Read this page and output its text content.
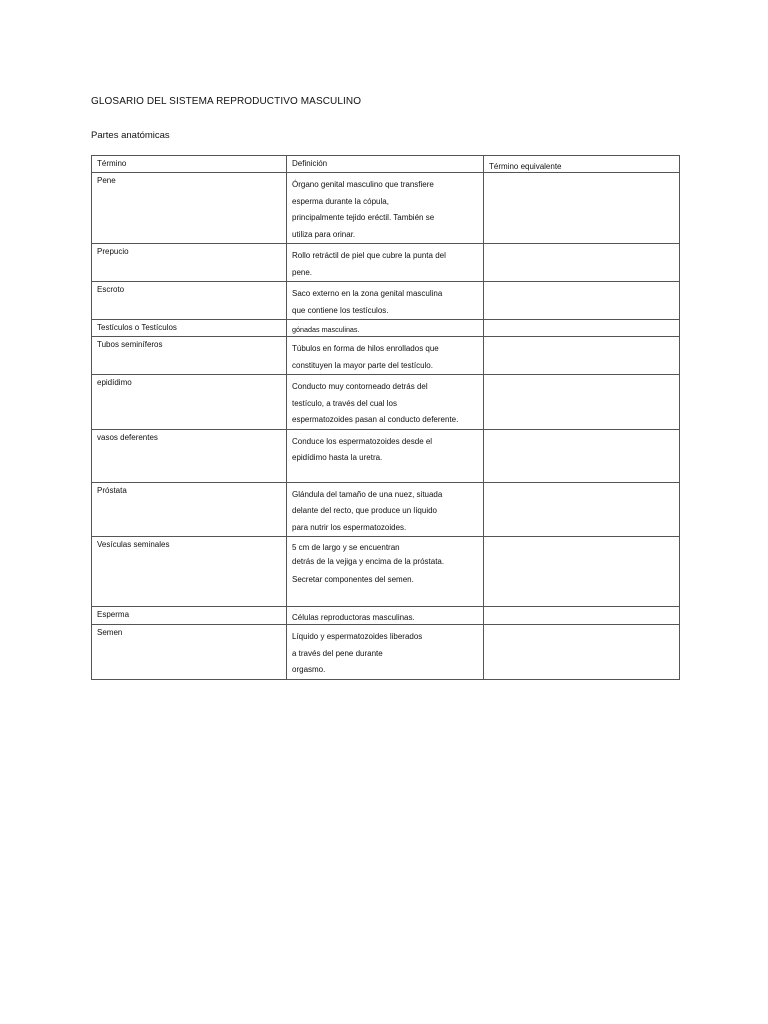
GLOSARIO DEL SISTEMA REPRODUCTIVO MASCULINO
Partes anatómicas
Término	Definición	Término equivalente
Pene	Órgano genital masculino que transfiere
esperma durante la cópula,
principalmente tejido eréctil. También se
utiliza para orinar.	

Prepucio	Rollo retráctil de piel que cubre la punta del
pene.	

Escroto	Saco externo en la zona genital masculina
que contiene los testículos.	

Testículos o Testículos	gónadas masculinas.	

Tubos seminíferos	Túbulos en forma de hilos enrollados que
constituyen la mayor parte del testículo.	

epidídimo	Conducto muy contorneado detrás del
testículo, a través del cual los
espermatozoides pasan al conducto deferente.	

vasos deferentes	Conduce los espermatozoides desde el
epidídimo hasta la uretra.	

Próstata	Glándula del tamaño de una nuez, situada
delante del recto, que produce un líquido
para nutrir los espermatozoides.	

Vesículas seminales	5 cm de largo y se encuentran
detrás de la vejiga y encima de la próstata.
Secretar componentes del semen.	

Esperma	Células reproductoras masculinas.	

Semen	Líquido y espermatozoides liberados
a través del pene durante
orgasmo.	
